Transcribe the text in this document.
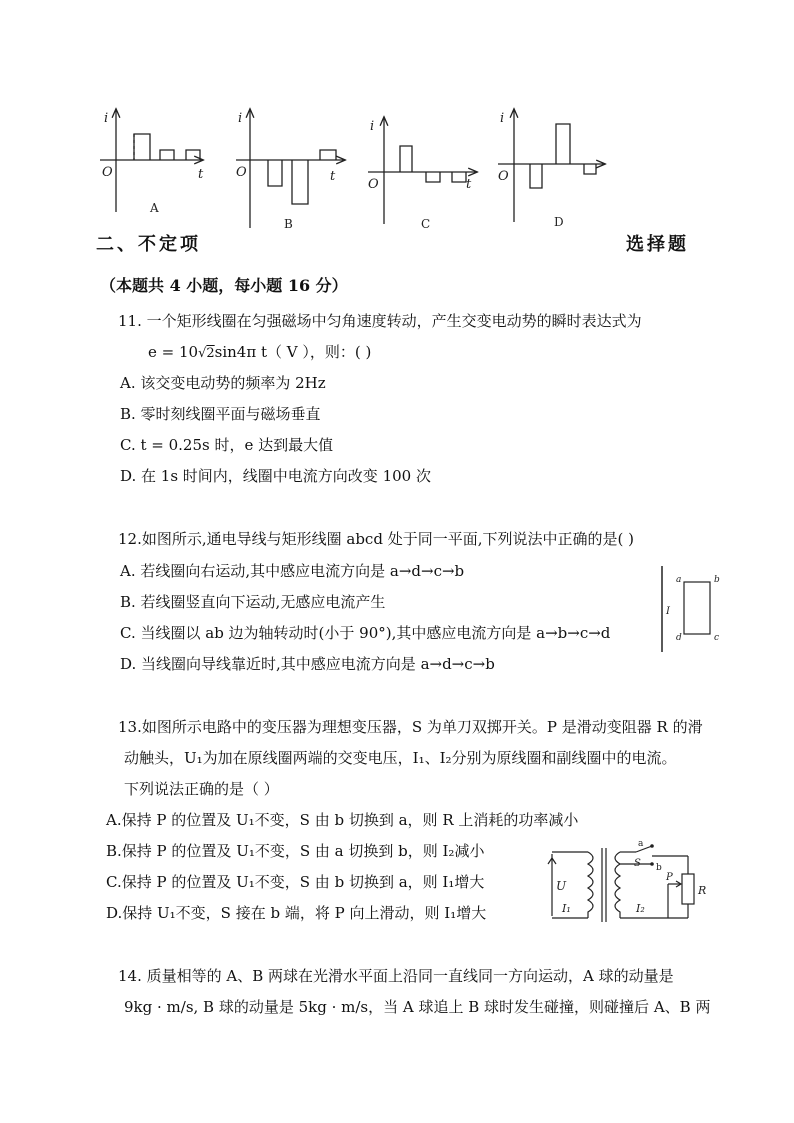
i
O	t
A
i
O	t
B
i
O	t
C
i
O
D
二、不定项	选择题
（本题共 4 小题，每小题 16 分）
11. 一个矩形线圈在匀强磁场中匀角速度转动，产生交变电动势的瞬时表达式为
e = 10√2sin4π t（ V ），则：( )
A. 该交变电动势的频率为 2Hz
B. 零时刻线圈平面与磁场垂直
C. t = 0.25s 时，e 达到最大值
D. 在 1s 时间内，线圈中电流方向改变 100 次
12.如图所示,通电导线与矩形线圈 abcd 处于同一平面,下列说法中正确的是( )
A. 若线圈向右运动,其中感应电流方向是 a→d→c→b
B. 若线圈竖直向下运动,无感应电流产生
C. 当线圈以 ab 边为轴转动时(小于 90°),其中感应电流方向是 a→b→c→d
D. 当线圈向导线靠近时,其中感应电流方向是 a→d→c→b
I
a	b
d	c
13.如图所示电路中的变压器为理想变压器，S 为单刀双掷开关。P 是滑动变阻器 R 的滑
动触头，U₁为加在原线圈两端的交变电压，I₁、I₂分别为原线圈和副线圈中的电流。
下列说法正确的是（ ）
A.保持 P 的位置及 U₁不变，S 由 b 切换到 a，则 R 上消耗的功率减小
B.保持 P 的位置及 U₁不变，S 由 a 切换到 b，则 I₂减小
C.保持 P 的位置及 U₁不变，S 由 b 切换到 a，则 I₁增大
D.保持 U₁不变，S 接在 b 端，将 P 向上滑动，则 I₁增大
U
I₁	I₂
S
a
b
P
R
14. 质量相等的 A、B 两球在光滑水平面上沿同一直线同一方向运动，A 球的动量是
9kg · m/s, B 球的动量是 5kg · m/s，当 A 球追上 B 球时发生碰撞，则碰撞后 A、B 两
